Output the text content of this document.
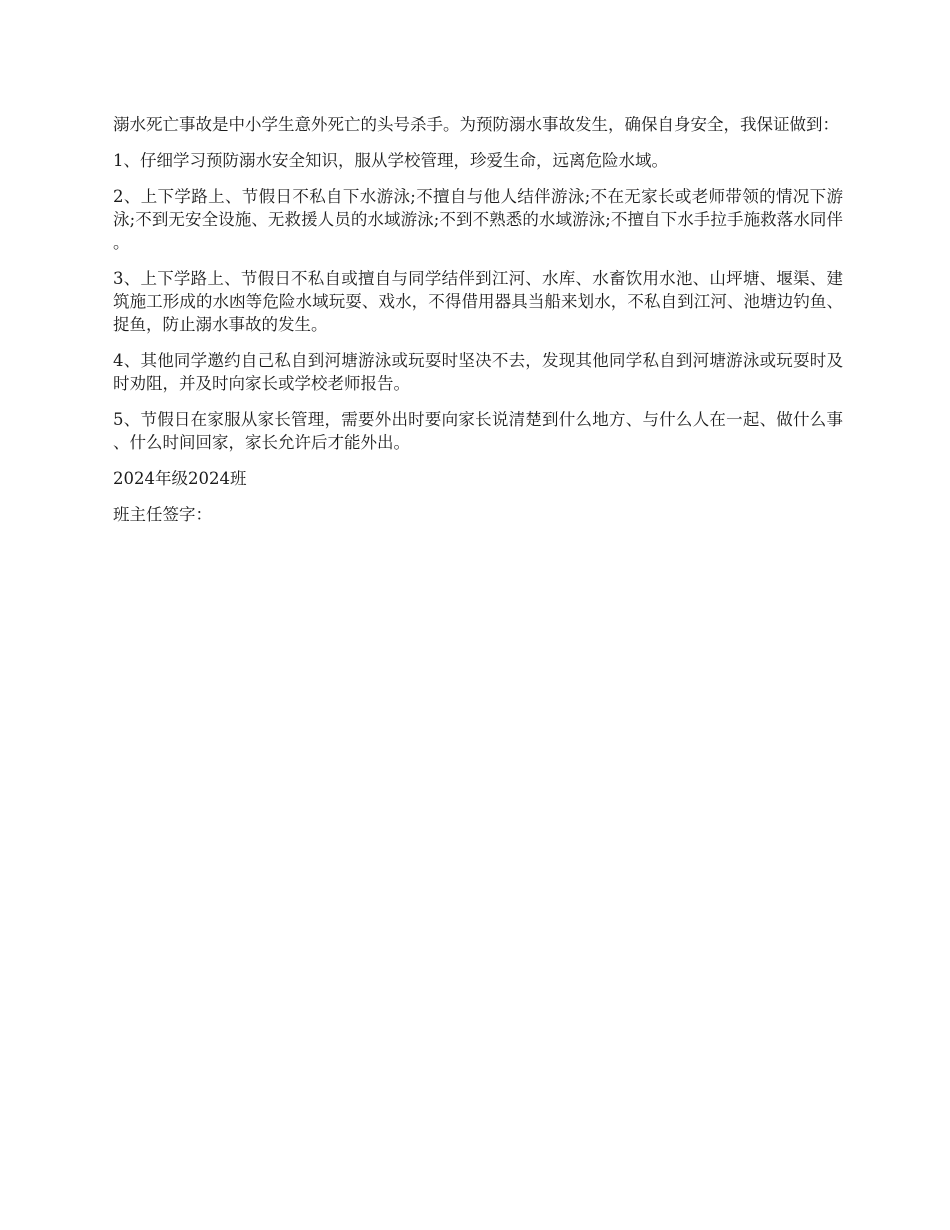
溺水死亡事故是中小学生意外死亡的头号杀手。为预防溺水事故发生，确保自身安全，我保证做到：

1、仔细学习预防溺水安全知识，服从学校管理，珍爱生命，远离危险水域。

2、上下学路上、节假日不私自下水游泳;不擅自与他人结伴游泳;不在无家长或老师带领的情况下游泳;不到无安全设施、无救援人员的水域游泳;不到不熟悉的水域游泳;不擅自下水手拉手施救落水同伴。

3、上下学路上、节假日不私自或擅自与同学结伴到江河、水库、水畜饮用水池、山坪塘、堰渠、建筑施工形成的水凼等危险水域玩耍、戏水，不得借用器具当船来划水，不私自到江河、池塘边钓鱼、捉鱼，防止溺水事故的发生。

4、其他同学邀约自己私自到河塘游泳或玩耍时坚决不去，发现其他同学私自到河塘游泳或玩耍时及时劝阻，并及时向家长或学校老师报告。

5、节假日在家服从家长管理，需要外出时要向家长说清楚到什么地方、与什么人在一起、做什么事、什么时间回家，家长允许后才能外出。

2024年级2024班

班主任签字：
